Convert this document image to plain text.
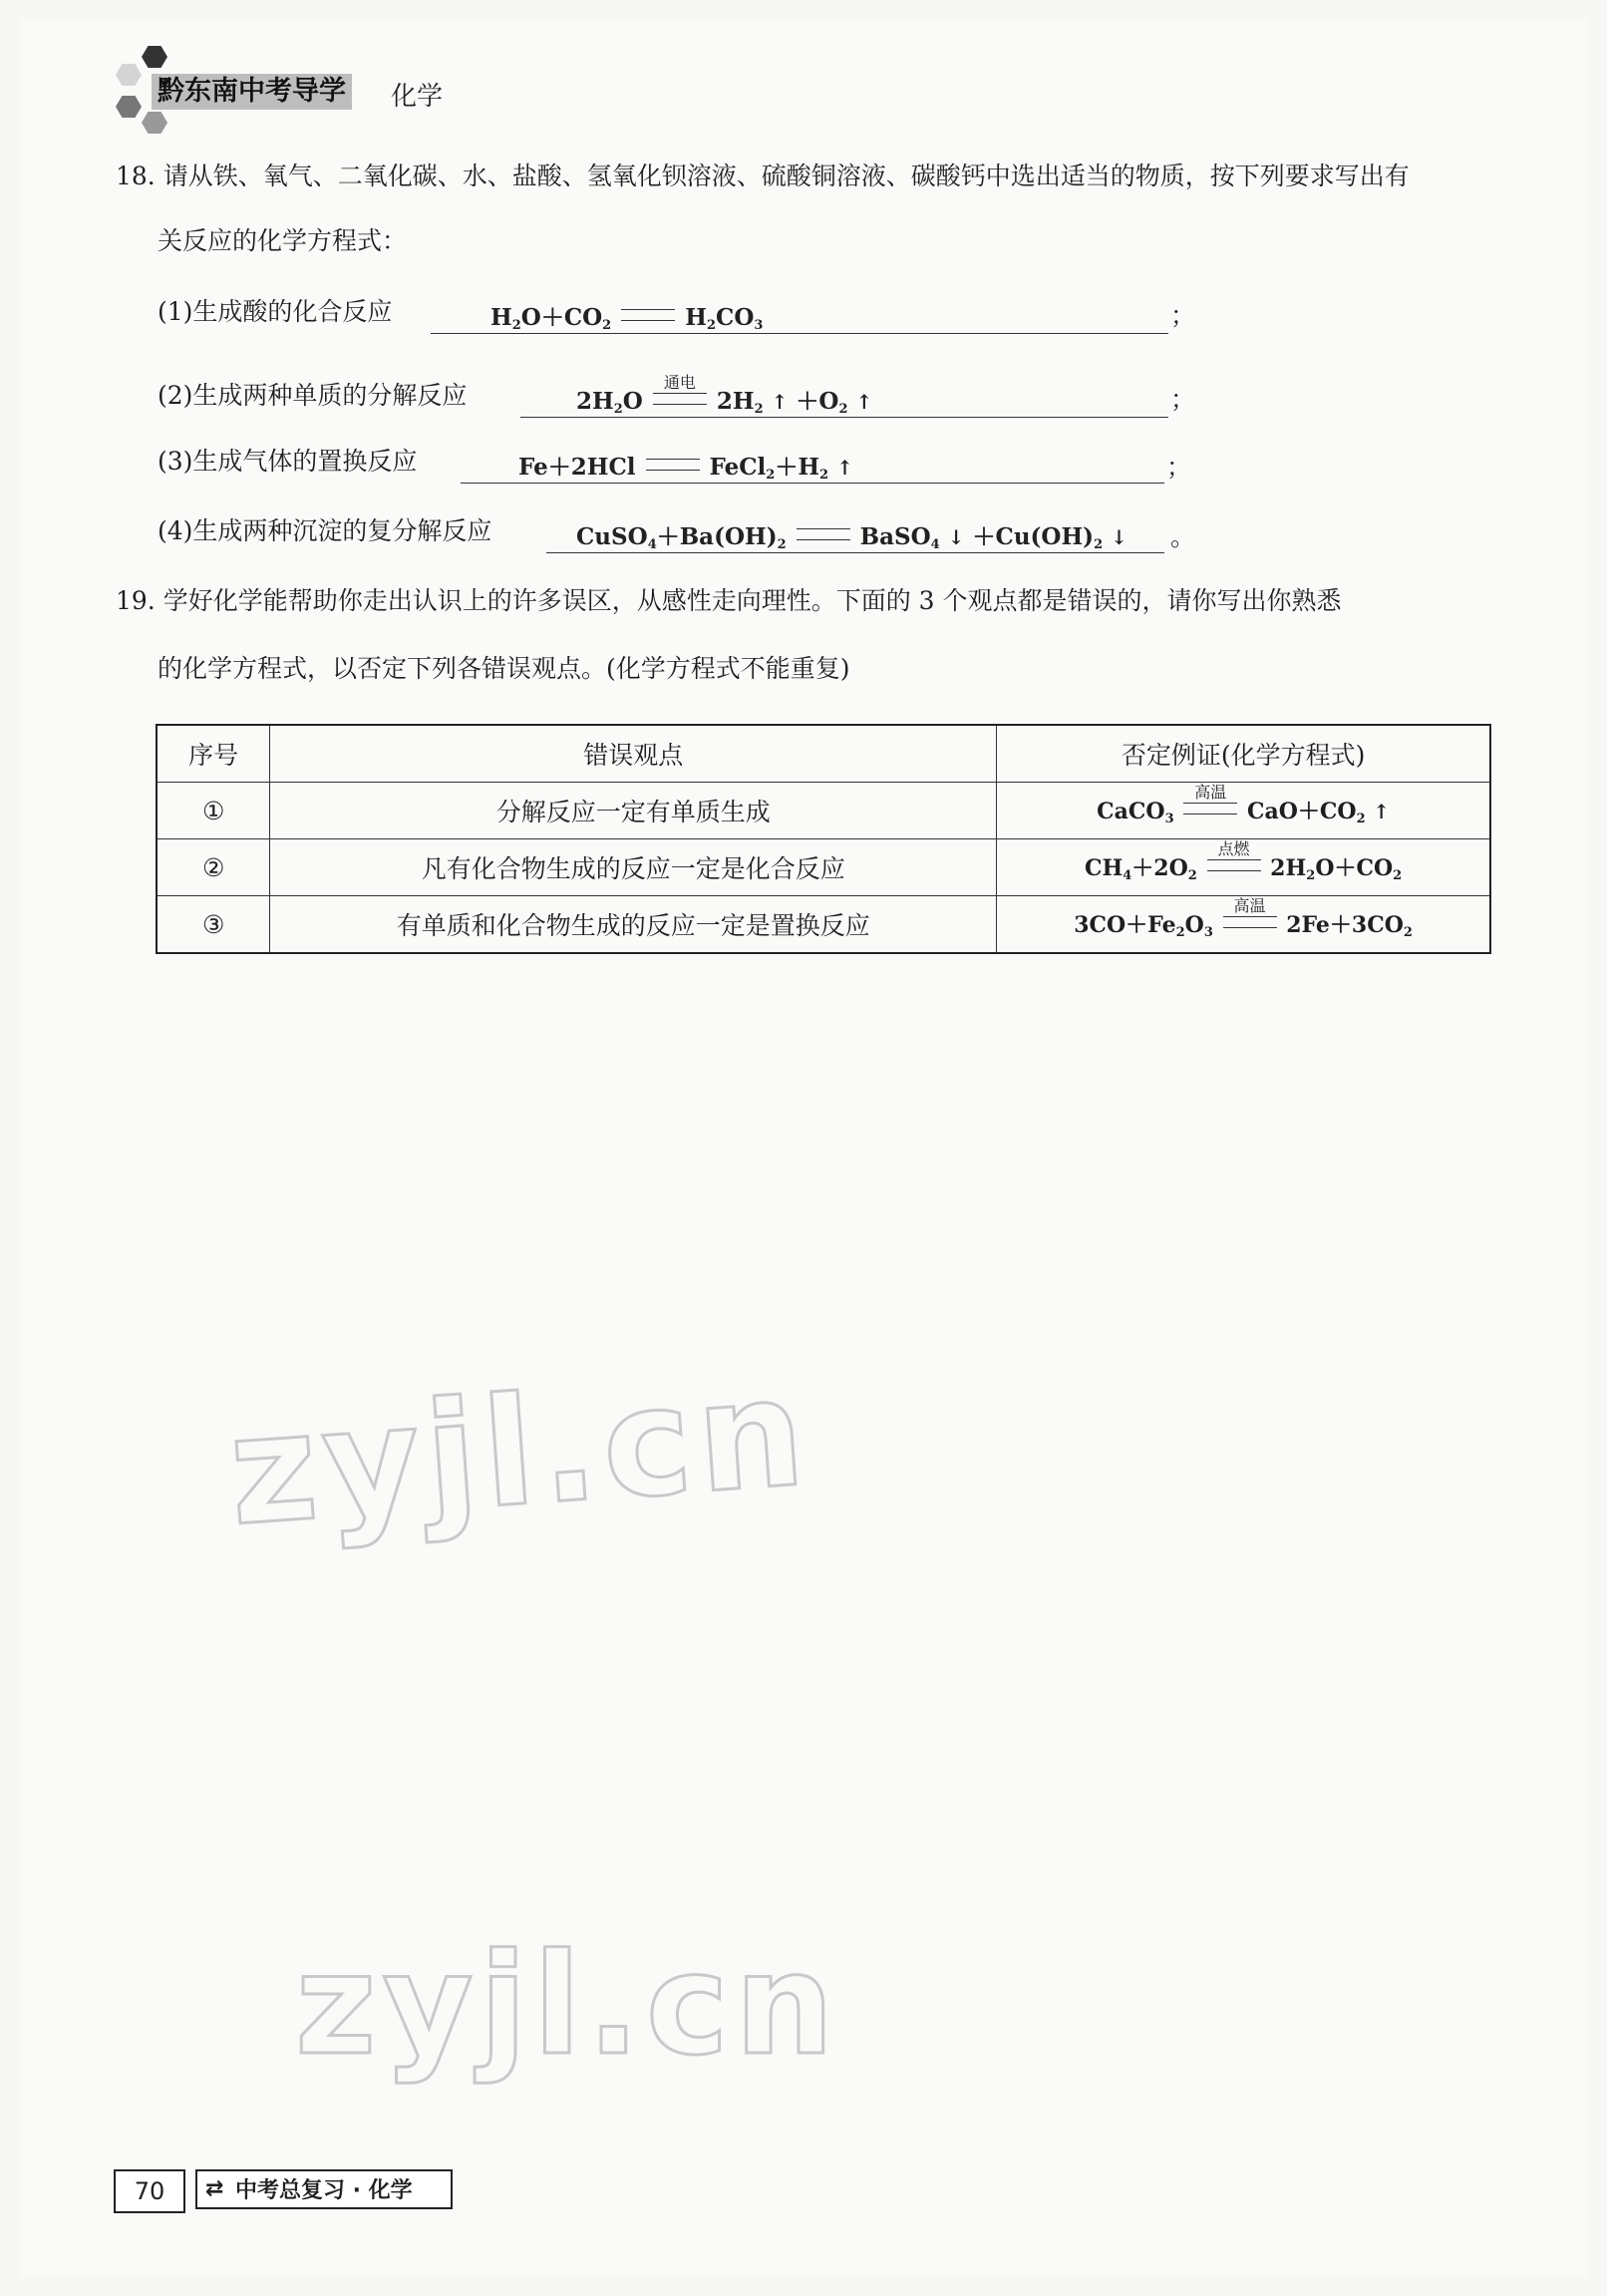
黔东南中考导学 化学
18. 请从铁、氧气、二氧化碳、水、盐酸、氢氧化钡溶液、硫酸铜溶液、碳酸钙中选出适当的物质，按下列要求写出有
关反应的化学方程式：
(1)生成酸的化合反应	$H_2O+CO_2$	$H_2CO_3$	；
(2)生成两种单质的分解反应	$2H_2O$
通电
$2H_2$ ↑ $+O_2$ ↑	；
(3)生成气体的置换反应	Fe＋2HCl	$FeCl_2+H_2$ ↑	；
(4)生成两种沉淀的复分解反应	$CuSO_4+Ba(OH)_2$	BaSO$_4$ ↓ $+Cu(OH)_2$ ↓ 。
19. 学好化学能帮助你走出认识上的许多误区，从感性走向理性。下面的 3 个观点都是错误的，请你写出你熟悉
的化学方程式，以否定下列各错误观点。(化学方程式不能重复)
序号	错误观点	否定例证(化学方程式)
①	分解反应一定有单质生成	CaCO$_3$
高温
$CaO+CO_2$ ↑
②	凡有化合物生成的反应一定是化合反应	$CH_4+2O_2$
点燃
$2H_2O+CO_2$
③	有单质和化合物生成的反应一定是置换反应	$3CO+Fe_2O_3$
高温
$2Fe+3CO_2$
zyjl.cn
zyjl.cn
70	⇄ 中考总复习 · 化学
